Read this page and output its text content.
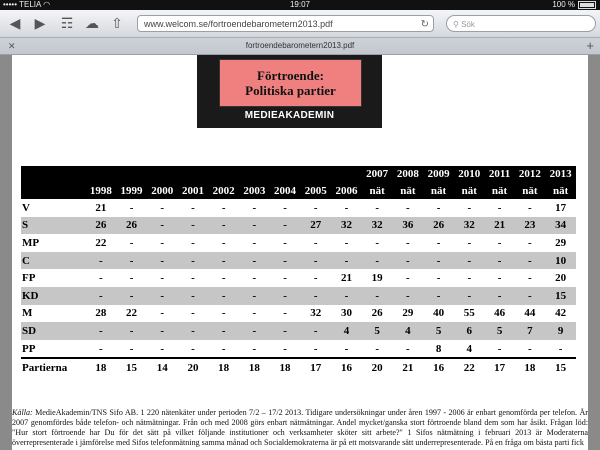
••••• TELIA ◠	19:07	100 %
◀ ▶ ☶ ☁ ⇧	www.welcom.se/fortroendebarometern2013.pdf	↻	⚲ Sök
✕	fortroendebarometern2013.pdf	+
Förtroende:
Politiska partier
MEDIEAKADEMIN
										2007	2008	2009	2010	2011	2012	2013
	1998	1999	2000	2001	2002	2003	2004	2005	2006	nät	nät	nät	nät	nät	nät	nät
V	21	-	-	-	-	-	-	-	-	-	-	-	-	-	-	17
S	26	26	-	-	-	-	-	27	32	32	36	26	32	21	23	34
MP	22	-	-	-	-	-	-	-	-	-	-	-	-	-	-	29
C	-	-	-	-	-	-	-	-	-	-	-	-	-	-	-	10
FP	-	-	-	-	-	-	-	-	21	19	-	-	-	-	-	20
KD	-	-	-	-	-	-	-	-	-	-	-	-	-	-	-	15
M	28	22	-	-	-	-	-	32	30	26	29	40	55	46	44	42
SD	-	-	-	-	-	-	-	-	4	5	4	5	6	5	7	9
PP	-	-	-	-	-	-	-	-	-	-	-	8	4	-	-	-
Partierna	18	15	14	20	18	18	18	17	16	20	21	16	22	17	18	15
Källa: MedieAkademin/TNS Sifo AB. 1 220 nätenkäter under perioden 7/2 – 17/2 2013. Tidigare undersökningar under åren 1997 - 2006 är enbart genomförda per telefon. År 2007 genomfördes både telefon- och nätmätningar. Från och med 2008 görs enbart nätmätningar. Andel mycket/ganska stort förtroende bland dem som har åsikt. Frågan löd: "Hur stort förtroende har Du för det sätt på vilket följande institutioner och verksamheter sköter sitt arbete?" 1 Sifos nätmätning i februari 2013 är Moderaterna överrepresenterade i jämförelse med Sifos telefonmätning samma månad och Socialdemokraterna är på ett motsvarande sätt underrepresenterade. På en fråga om bästa parti fick
